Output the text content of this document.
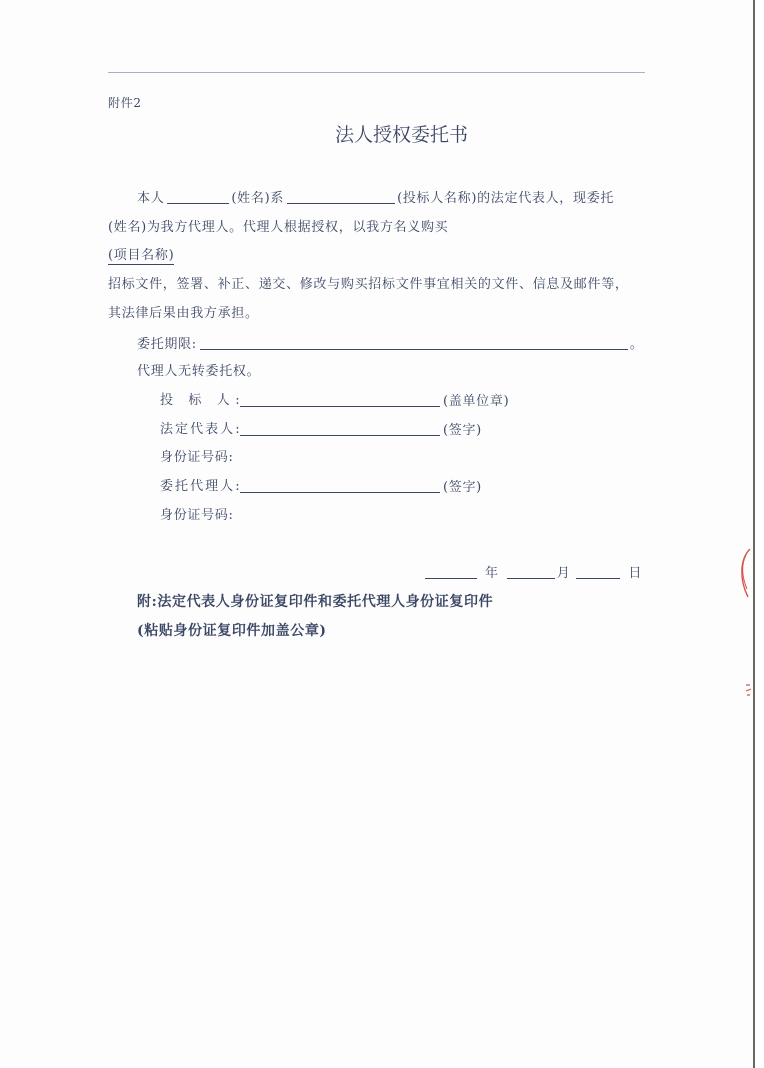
附件2
法人授权委托书
本人	(姓名)系	(投标人名称)的法定代表人，现委托
(姓名)为我方代理人。代理人根据授权，以我方名义购买
(项目名称)
招标文件，签署、补正、递交、修改与购买招标文件事宜相关的文件、信息及邮件等，
其法律后果由我方承担。
委托期限:	。
代理人无转委托权。
投 标 人:	(盖单位章)
法定代表人:	(签字)
身份证号码:
委托代理人:	(签字)
身份证号码:
年	月	日
附:法定代表人身份证复印件和委托代理人身份证复印件
(粘贴身份证复印件加盖公章)
